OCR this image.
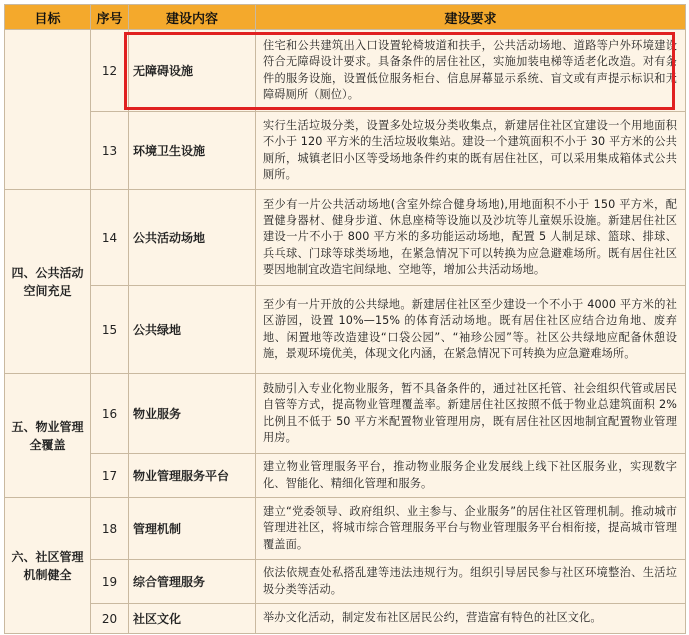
目标	序号	建设内容	建设要求
	12	无障碍设施	住宅和公共建筑出入口设置轮椅坡道和扶手，公共活动场地、道路等户外环境建设符合无障碍设计要求。具备条件的居住社区，实施加装电梯等适老化改造。对有条件的服务设施，设置低位服务柜台、信息屏幕显示系统、盲文或有声提示标识和无障碍厕所（厕位）。
	13	环境卫生设施	实行生活垃圾分类，设置多处垃圾分类收集点，新建居住社区宜建设一个用地面积不小于 120 平方米的生活垃圾收集站。建设一个建筑面积不小于 30 平方米的公共厕所，城镇老旧小区等受场地条件约束的既有居住社区，可以采用集成箱体式公共厕所。
四、公共活动空间充足	14	公共活动场地	至少有一片公共活动场地(含室外综合健身场地),用地面积不小于 150 平方米，配置健身器材、健身步道、休息座椅等设施以及沙坑等儿童娱乐设施。新建居住社区建设一片不小于 800 平方米的多功能运动场地，配置 5 人制足球、篮球、排球、兵乓球、门球等球类场地，在紧急情况下可以转换为应急避难场所。既有居住社区要因地制宜改造宅间绿地、空地等，增加公共活动场地。
	15	公共绿地	至少有一片开放的公共绿地。新建居住社区至少建设一个不小于 4000 平方米的社区游园，设置 10%—15% 的体育活动场地。既有居住社区应结合边角地、废弃地、闲置地等改造建设“口袋公园”、“袖珍公园”等。社区公共绿地应配备休憩设施，景观环境优美，体现文化内涵，在紧急情况下可转换为应急避难场所。
五、物业管理全覆盖	16	物业服务	鼓励引入专业化物业服务，暂不具备条件的，通过社区托管、社会组织代管或居民自管等方式，提高物业管理覆盖率。新建居住社区按照不低于物业总建筑面积 2%比例且不低于 50 平方米配置物业管理用房，既有居住社区因地制宜配置物业管理用房。
	17	物业管理服务平台	建立物业管理服务平台，推动物业服务企业发展线上线下社区服务业，实现数字化、智能化、精细化管理和服务。
六、社区管理机制健全	18	管理机制	建立“党委领导、政府组织、业主参与、企业服务”的居住社区管理机制。推动城市管理进社区，将城市综合管理服务平台与物业管理服务平台相衔接，提高城市管理覆盖面。
	19	综合管理服务	依法依规查处私搭乱建等违法违规行为。组织引导居民参与社区环境整治、生活垃圾分类等活动。
	20	社区文化	举办文化活动，制定发布社区居民公约，营造富有特色的社区文化。
